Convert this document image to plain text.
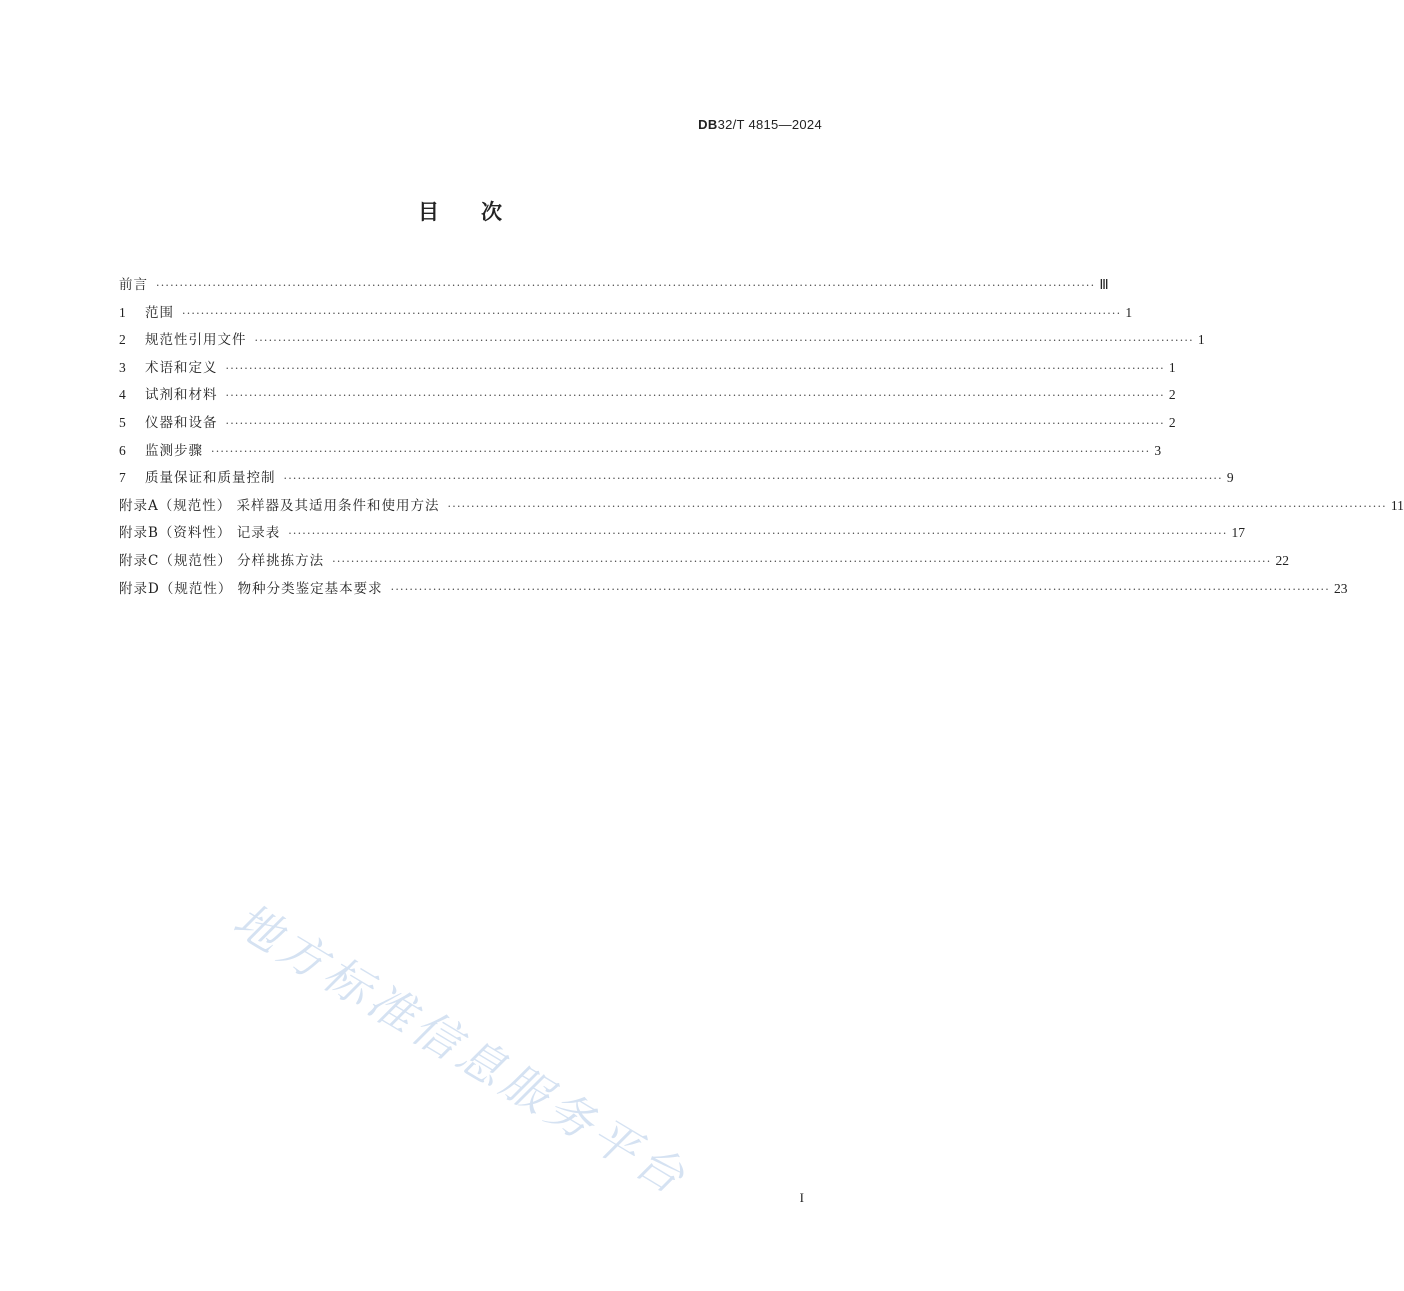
DB32/T 4815—2024
目次
前言 ········································································································································································································ Ⅲ
1	范围 ········································································································································································································ 1
2	规范性引用文件 ········································································································································································································ 1
3	术语和定义 ········································································································································································································ 1
4	试剂和材料 ········································································································································································································ 2
5	仪器和设备 ········································································································································································································ 2
6	监测步骤 ········································································································································································································ 3
7	质量保证和质量控制 ········································································································································································································ 9
附录A（规范性） 采样器及其适用条件和使用方法 ········································································································································································································ 11
附录B（资料性） 记录表 ········································································································································································································ 17
附录C（规范性） 分样挑拣方法 ········································································································································································································ 22
附录D（规范性） 物种分类鉴定基本要求 ········································································································································································································ 23
地方标准信息服务平台	I
